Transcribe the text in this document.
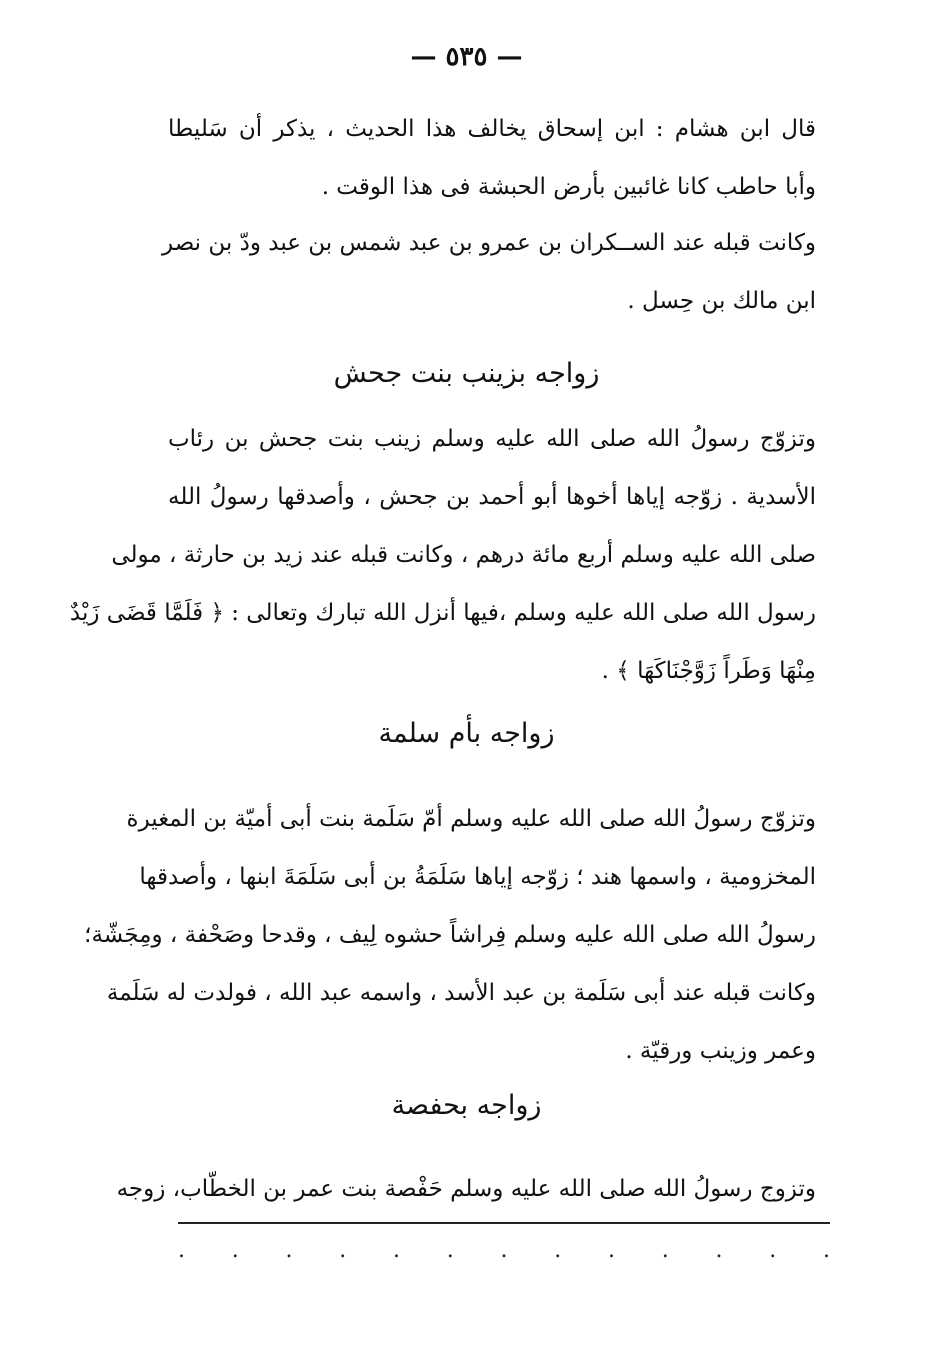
— ٥٣٥ —
قال ابن هشام : ابن إسحاق يخالف هذا الحديث ، يذكر أن سَليطا
وأبا حاطب كانا غائبين بأرض الحبشة فى هذا الوقت .
وكانت قبله عند الســكران بن عمرو بن عبد شمس بن عبد ودّ بن نصر
ابن مالك بن حِسل .
زواجه بزينب بنت جحش
وتزوّج رسولُ الله صلى الله عليه وسلم زينب بنت جحش بن رئاب
الأسدية . زوّجه إياها أخوها أبو أحمد بن جحش ، وأصدقها رسولُ الله
صلى الله عليه وسلم أربع مائة درهم ، وكانت قبله عند زيد بن حارثة ، مولى
رسول الله صلى الله عليه وسلم ،فيها أنزل الله تبارك وتعالى : ﴿ فَلَمَّا قَضَى زَيْدٌ
مِنْهَا وَطَراً زَوَّجْنَاكَهَا ﴾ .
زواجه بأم سلمة
وتزوّج رسولُ الله صلى الله عليه وسلم أمّ سَلَمة بنت أبى أميّة بن المغيرة
المخزومية ، واسمها هند ؛ زوّجه إياها سَلَمَةُ بن أبى سَلَمَةَ ابنها ، وأصدقها
رسولُ الله صلى الله عليه وسلم فِراشاً حشوه لِيف ، وقدحا وصَحْفة ، ومِجَشّة؛
وكانت قبله عند أبى سَلَمة بن عبد الأسد ، واسمه عبد الله ، فولدت له سَلَمة
وعمر وزينب ورقيّة .
زواجه بحفصة
وتزوج رسولُ الله صلى الله عليه وسلم حَفْصة بنت عمر بن الخطّاب، زوجه
.
.
.
.
.
.
.
.
.
.
.
.
.
